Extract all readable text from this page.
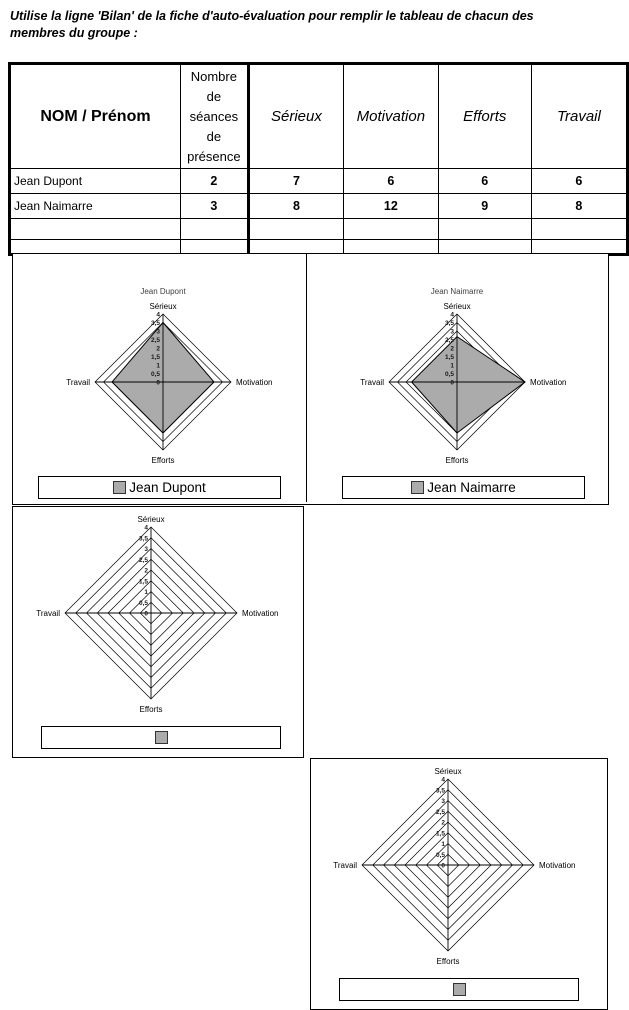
Utilise la ligne 'Bilan' de la fiche d'auto-évaluation pour remplir le tableau de chacun des
membres du groupe :
NOM / Prénom	Nombre de séances de présence	Sérieux	Motivation	Efforts	Travail
Jean Dupont	2	7	6	6	6
Jean Naimarre	3	8	12	9	8

0
0,5
1
1,5
2
2,5
3
3,5
4
Sérieux
Motivation
Efforts
Travail
Jean Dupont
Jean Dupont
0
0,5
1
1,5
2
2,5
3
3,5
4
Sérieux
Motivation
Efforts
Travail
Jean Naimarre
Jean Naimarre
0
0,5
1
1,5
2
2,5
3
3,5
4
Sérieux
Motivation
Efforts
Travail
0
0,5
1
1,5
2
2,5
3
3,5
4
Sérieux
Motivation
Efforts
Travail
